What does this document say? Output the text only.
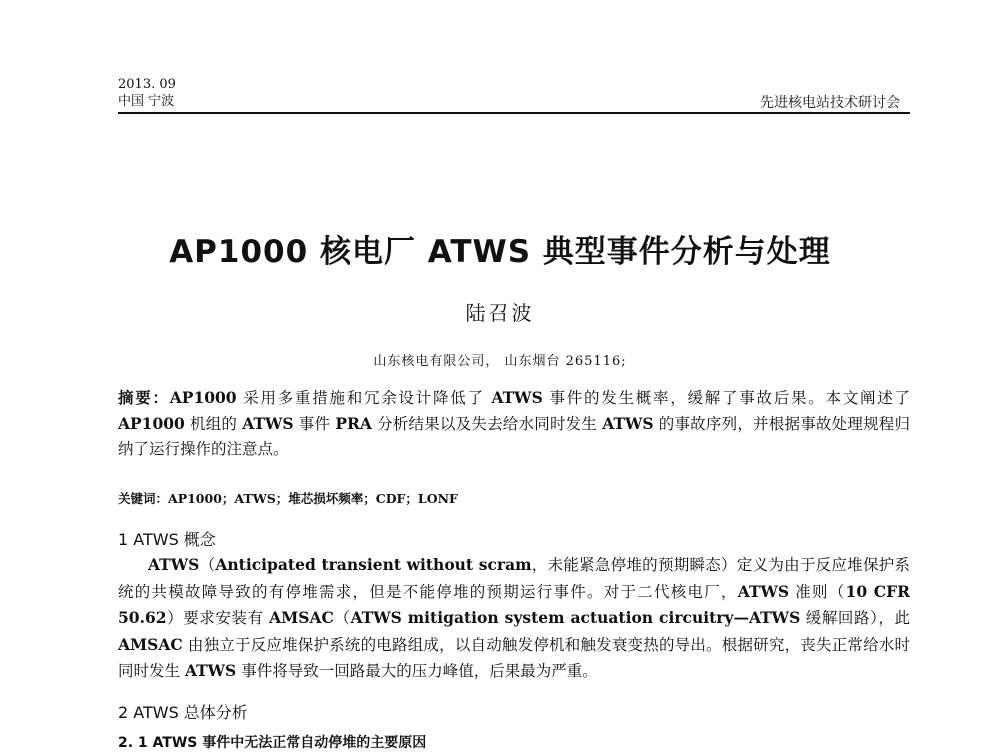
2013. 09
中国 宁波	先进核电站技术研讨会
AP1000 核电厂 ATWS 典型事件分析与处理
陆召波
山东核电有限公司， 山东烟台 265116;
摘要：AP1000 采用多重措施和冗余设计降低了 ATWS 事件的发生概率，缓解了事故后果。本文阐述了 AP1000 机组的 ATWS 事件 PRA 分析结果以及失去给水同时发生 ATWS 的事故序列，并根据事故处理规程归纳了运行操作的注意点。
关键词：AP1000；ATWS；堆芯损坏频率；CDF；LONF
1 ATWS 概念
ATWS（Anticipated transient without scram，未能紧急停堆的预期瞬态）定义为由于反应堆保护系统的共模故障导致的有停堆需求，但是不能停堆的预期运行事件。对于二代核电厂，ATWS 准则（10 CFR 50.62）要求安装有 AMSAC（ATWS mitigation system actuation circuitry—ATWS 缓解回路），此 AMSAC 由独立于反应堆保护系统的电路组成，以自动触发停机和触发衰变热的导出。根据研究，丧失正常给水时同时发生 ATWS 事件将导致一回路最大的压力峰值，后果最为严重。
2 ATWS 总体分析
2. 1 ATWS 事件中无法正常自动停堆的主要原因
